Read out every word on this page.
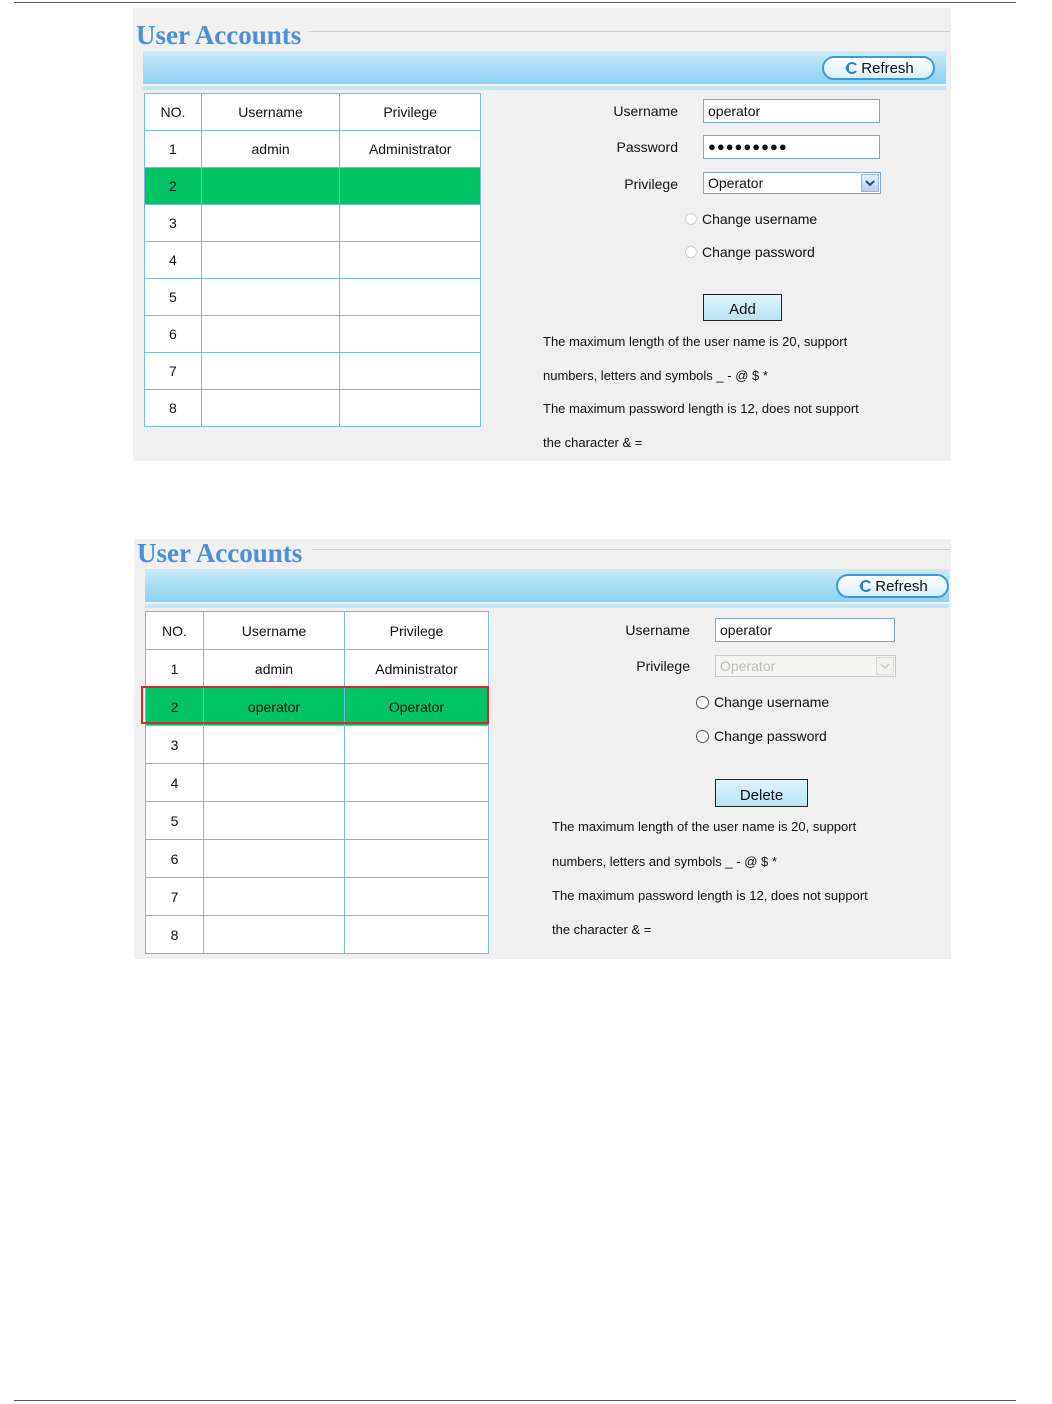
User Accounts
Refresh
NO.	Username	Privilege
1	admin	Administrator
2		
3		
4		
5		
6		
7		
8		
Username	operator
Password	●●●●●●●●●
Privilege	Operator
Change username
Change password
Add
The maximum length of the user name is 20, support
numbers, letters and symbols _ - @ $ *
The maximum password length is 12, does not support
the character & =
User Accounts
Refresh
NO.	Username	Privilege
1	admin	Administrator
2	operator	Operator
3		
4		
5		
6		
7		
8		
Username	operator
Privilege	Operator
Change username
Change password
Delete
The maximum length of the user name is 20, support
numbers, letters and symbols _ - @ $ *
The maximum password length is 12, does not support
the character & =
